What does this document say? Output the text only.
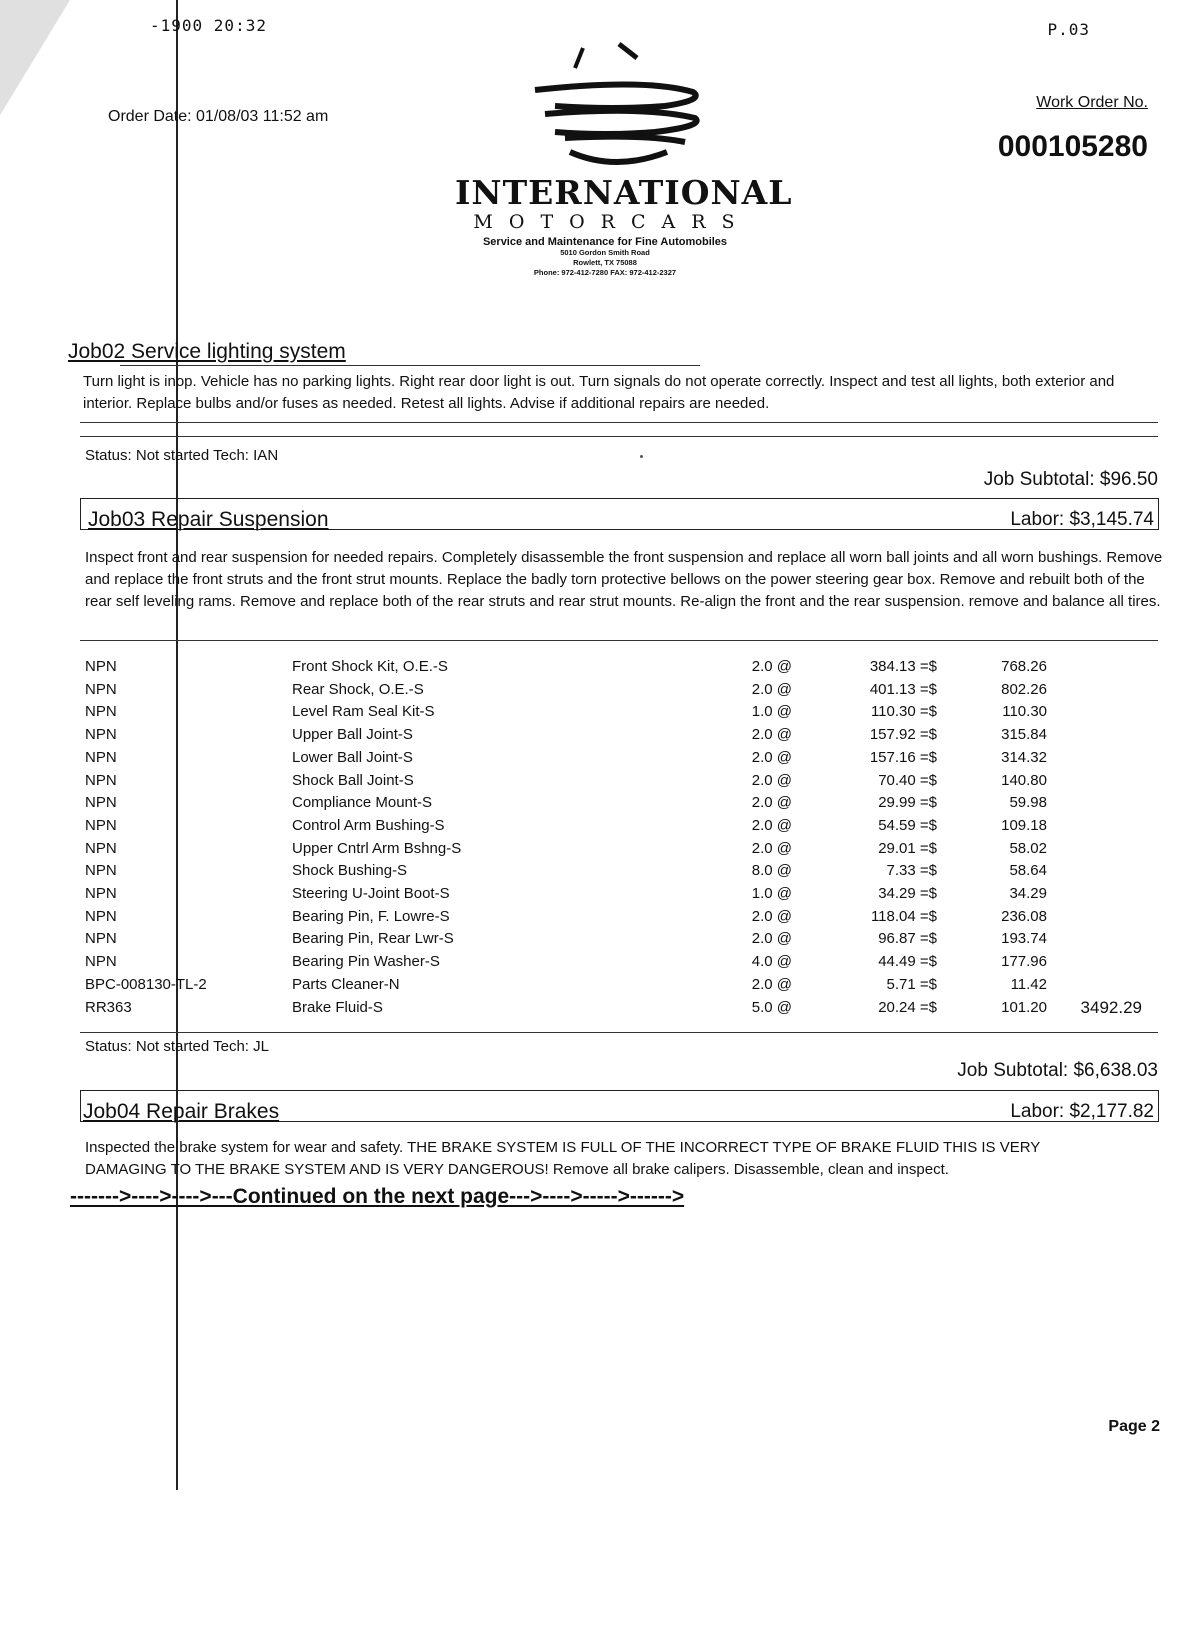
-1900 20:32	P.03
Order Date: 01/08/03 11:52 am
Work Order No.
000105280
INTERNATIONAL
MOTORCARS
Service and Maintenance for Fine Automobiles
5010 Gordon Smith Road
Rowlett, TX 75088
Phone: 972-412-7280 FAX: 972-412-2327
Job02 Service lighting system
Turn light is inop. Vehicle has no parking lights. Right rear door light is out. Turn signals do not operate correctly. Inspect and test all lights, both exterior and interior. Replace bulbs and/or fuses as needed. Retest all lights. Advise if additional repairs are needed.
Status: Not started Tech: IAN
Job Subtotal: $96.50
Job03 Repair Suspension	Labor: $3,145.74
Inspect front and rear suspension for needed repairs. Completely disassemble the front suspension and replace all worn ball joints and all worn bushings. Remove and replace the front struts and the front strut mounts. Replace the badly torn protective bellows on the power steering gear box. Remove and rebuilt both of the rear self leveling rams. Remove and replace both of the rear struts and rear strut mounts. Re-align the front and the rear suspension. remove and balance all tires.
NPN	Front Shock Kit, O.E.-S	2.0 @	384.13 =$	768.26	
NPN	Rear Shock, O.E.-S	2.0 @	401.13 =$	802.26	
NPN	Level Ram Seal Kit-S	1.0 @	110.30 =$	110.30	
NPN	Upper Ball Joint-S	2.0 @	157.92 =$	315.84	
NPN	Lower Ball Joint-S	2.0 @	157.16 =$	314.32	
NPN	Shock Ball Joint-S	2.0 @	70.40 =$	140.80	
NPN	Compliance Mount-S	2.0 @	29.99 =$	59.98	
NPN	Control Arm Bushing-S	2.0 @	54.59 =$	109.18	
NPN	Upper Cntrl Arm Bshng-S	2.0 @	29.01 =$	58.02	
NPN	Shock Bushing-S	8.0 @	7.33 =$	58.64	
NPN	Steering U-Joint Boot-S	1.0 @	34.29 =$	34.29	
NPN	Bearing Pin, F. Lowre-S	2.0 @	118.04 =$	236.08	
NPN	Bearing Pin, Rear Lwr-S	2.0 @	96.87 =$	193.74	
NPN	Bearing Pin Washer-S	4.0 @	44.49 =$	177.96	
BPC-008130-TL-2	Parts Cleaner-N	2.0 @	5.71 =$	11.42	
RR363	Brake Fluid-S	5.0 @	20.24 =$	101.20	3492.29
Status: Not started Tech: JL
Job Subtotal: $6,638.03
Job04 Repair Brakes	Labor: $2,177.82
Inspected the brake system for wear and safety. THE BRAKE SYSTEM IS FULL OF THE INCORRECT TYPE OF BRAKE FLUID THIS IS VERY DAMAGING TO THE BRAKE SYSTEM AND IS VERY DANGEROUS! Remove all brake calipers. Disassemble, clean and inspect.
------->---->---->---Continued on the next page--->---->----->------>
Page 2
